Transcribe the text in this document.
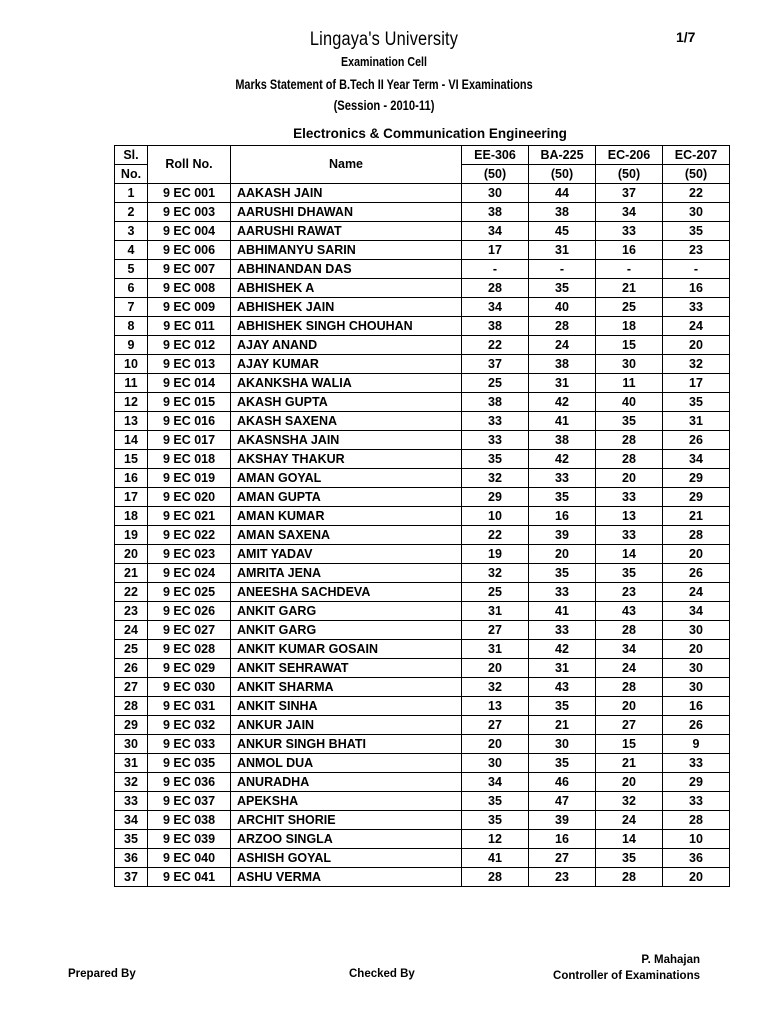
Lingaya's University	1/7
Examination Cell
Marks Statement of B.Tech II Year Term - VI Examinations
(Session - 2010-11)
Electronics & Communication Engineering
Sl.	Roll No.	Name	EE-306	BA-225	EC-206	EC-207
No.			(50)	(50)	(50)	(50)
1	9 EC 001	AAKASH JAIN	30	44	37	22
2	9 EC 003	AARUSHI DHAWAN	38	38	34	30
3	9 EC 004	AARUSHI RAWAT	34	45	33	35
4	9 EC 006	ABHIMANYU SARIN	17	31	16	23
5	9 EC 007	ABHINANDAN DAS	-	-	-	-
6	9 EC 008	ABHISHEK A	28	35	21	16
7	9 EC 009	ABHISHEK JAIN	34	40	25	33
8	9 EC 011	ABHISHEK SINGH CHOUHAN	38	28	18	24
9	9 EC 012	AJAY ANAND	22	24	15	20
10	9 EC 013	AJAY KUMAR	37	38	30	32
11	9 EC 014	AKANKSHA WALIA	25	31	11	17
12	9 EC 015	AKASH GUPTA	38	42	40	35
13	9 EC 016	AKASH SAXENA	33	41	35	31
14	9 EC 017	AKASNSHA JAIN	33	38	28	26
15	9 EC 018	AKSHAY THAKUR	35	42	28	34
16	9 EC 019	AMAN GOYAL	32	33	20	29
17	9 EC 020	AMAN GUPTA	29	35	33	29
18	9 EC 021	AMAN KUMAR	10	16	13	21
19	9 EC 022	AMAN SAXENA	22	39	33	28
20	9 EC 023	AMIT YADAV	19	20	14	20
21	9 EC 024	AMRITA JENA	32	35	35	26
22	9 EC 025	ANEESHA SACHDEVA	25	33	23	24
23	9 EC 026	ANKIT GARG	31	41	43	34
24	9 EC 027	ANKIT GARG	27	33	28	30
25	9 EC 028	ANKIT KUMAR GOSAIN	31	42	34	20
26	9 EC 029	ANKIT SEHRAWAT	20	31	24	30
27	9 EC 030	ANKIT SHARMA	32	43	28	30
28	9 EC 031	ANKIT SINHA	13	35	20	16
29	9 EC 032	ANKUR JAIN	27	21	27	26
30	9 EC 033	ANKUR SINGH BHATI	20	30	15	9
31	9 EC 035	ANMOL DUA	30	35	21	33
32	9 EC 036	ANURADHA	34	46	20	29
33	9 EC 037	APEKSHA	35	47	32	33
34	9 EC 038	ARCHIT SHORIE	35	39	24	28
35	9 EC 039	ARZOO SINGLA	12	16	14	10
36	9 EC 040	ASHISH GOYAL	41	27	35	36
37	9 EC 041	ASHU VERMA	28	23	28	20
Prepared By	Checked By
P. Mahajan
Controller of Examinations
